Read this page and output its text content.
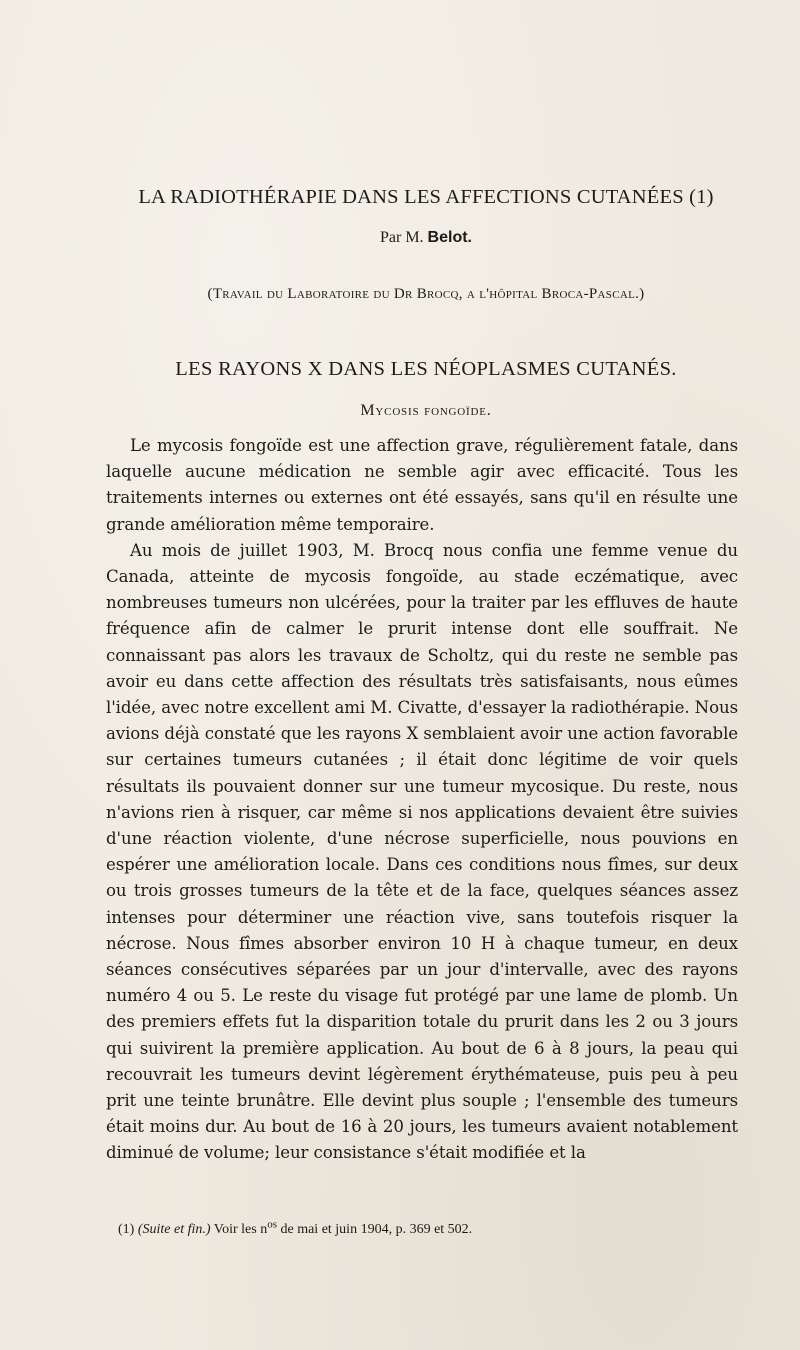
LA RADIOTHÉRAPIE DANS LES AFFECTIONS CUTANÉES (1)
Par M. Belot.
(Travail du Laboratoire du Dr Brocq, a l'hôpital Broca-Pascal.)
LES RAYONS X DANS LES NÉOPLASMES CUTANÉS.
Mycosis fongoïde.

Le mycosis fongoïde est une affection grave, régulièrement fatale, dans laquelle aucune médication ne semble agir avec efficacité. Tous les traitements internes ou externes ont été essayés, sans qu'il en résulte une grande amélioration même temporaire.

Au mois de juillet 1903, M. Brocq nous confia une femme venue du Canada, atteinte de mycosis fongoïde, au stade eczématique, avec nombreuses tumeurs non ulcérées, pour la traiter par les effluves de haute fréquence afin de calmer le prurit intense dont elle souffrait. Ne connaissant pas alors les travaux de Scholtz, qui du reste ne semble pas avoir eu dans cette affection des résultats très satisfaisants, nous eûmes l'idée, avec notre excellent ami M. Civatte, d'essayer la radiothérapie. Nous avions déjà constaté que les rayons X semblaient avoir une action favorable sur certaines tumeurs cutanées ; il était donc légitime de voir quels résultats ils pouvaient donner sur une tumeur mycosique. Du reste, nous n'avions rien à risquer, car même si nos applications devaient être suivies d'une réaction violente, d'une nécrose superficielle, nous pouvions en espérer une amélioration locale. Dans ces conditions nous fîmes, sur deux ou trois grosses tumeurs de la tête et de la face, quelques séances assez intenses pour déterminer une réaction vive, sans toutefois risquer la nécrose. Nous fîmes absorber environ 10 H à chaque tumeur, en deux séances consécutives séparées par un jour d'intervalle, avec des rayons numéro 4 ou 5. Le reste du visage fut protégé par une lame de plomb. Un des premiers effets fut la disparition totale du prurit dans les 2 ou 3 jours qui suivirent la première application. Au bout de 6 à 8 jours, la peau qui recouvrait les tumeurs devint légèrement érythémateuse, puis peu à peu prit une teinte brunâtre. Elle devint plus souple ; l'ensemble des tumeurs était moins dur. Au bout de 16 à 20 jours, les tumeurs avaient notablement diminué de volume; leur consistance s'était modifiée et la

(1) (Suite et fin.) Voir les n$^{os}$ de mai et juin 1904, p. 369 et 502.
